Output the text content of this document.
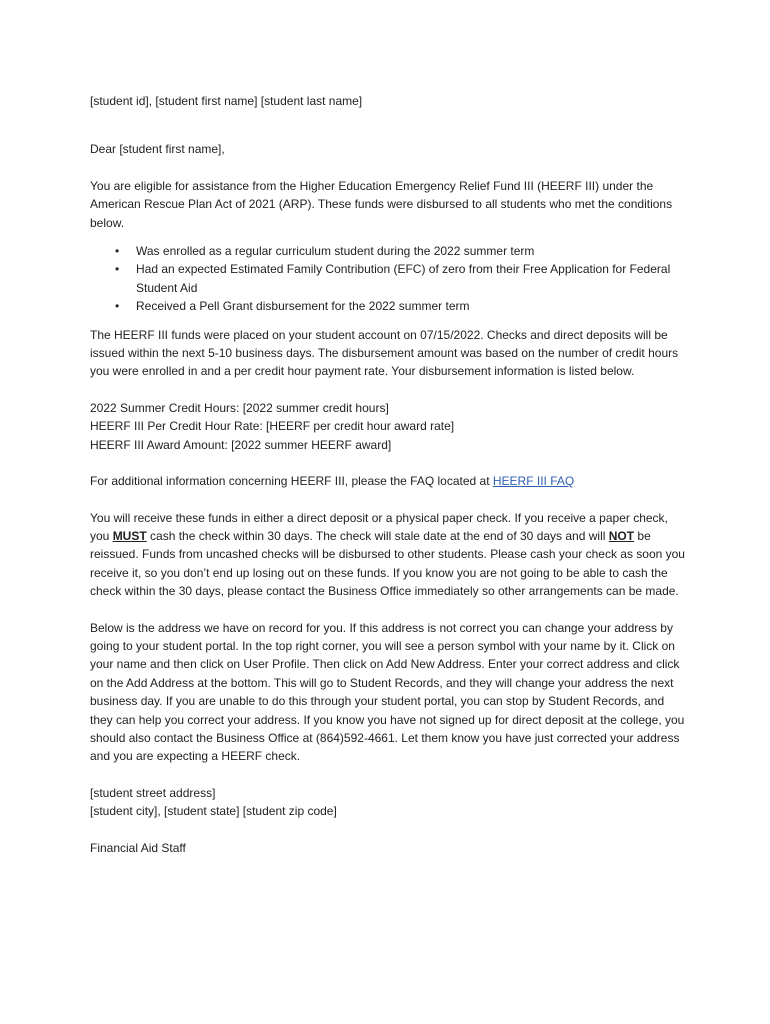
[student id], [student first name] [student last name]

Dear [student first name],

You are eligible for assistance from the Higher Education Emergency Relief Fund III (HEERF III) under the American Rescue Plan Act of 2021 (ARP). These funds were disbursed to all students who met the conditions below.

• Was enrolled as a regular curriculum student during the 2022 summer term
• Had an expected Estimated Family Contribution (EFC) of zero from their Free Application for Federal Student Aid
• Received a Pell Grant disbursement for the 2022 summer term

The HEERF III funds were placed on your student account on 07/15/2022. Checks and direct deposits will be issued within the next 5-10 business days. The disbursement amount was based on the number of credit hours you were enrolled in and a per credit hour payment rate. Your disbursement information is listed below.

2022 Summer Credit Hours: [2022 summer credit hours]

HEERF III Per Credit Hour Rate: [HEERF per credit hour award rate]

HEERF III Award Amount: [2022 summer HEERF award]

For additional information concerning HEERF III, please the FAQ located at HEERF III FAQ

You will receive these funds in either a direct deposit or a physical paper check. If you receive a paper check, you MUST cash the check within 30 days. The check will stale date at the end of 30 days and will NOT be reissued. Funds from uncashed checks will be disbursed to other students. Please cash your check as soon you receive it, so you don’t end up losing out on these funds. If you know you are not going to be able to cash the check within the 30 days, please contact the Business Office immediately so other arrangements can be made.

Below is the address we have on record for you. If this address is not correct you can change your address by going to your student portal. In the top right corner, you will see a person symbol with your name by it. Click on your name and then click on User Profile. Then click on Add New Address. Enter your correct address and click on the Add Address at the bottom. This will go to Student Records, and they will change your address the next business day. If you are unable to do this through your student portal, you can stop by Student Records, and they can help you correct your address. If you know you have not signed up for direct deposit at the college, you should also contact the Business Office at (864)592-4661. Let them know you have just corrected your address and you are expecting a HEERF check.

[student street address]

[student city], [student state] [student zip code]

Financial Aid Staff
